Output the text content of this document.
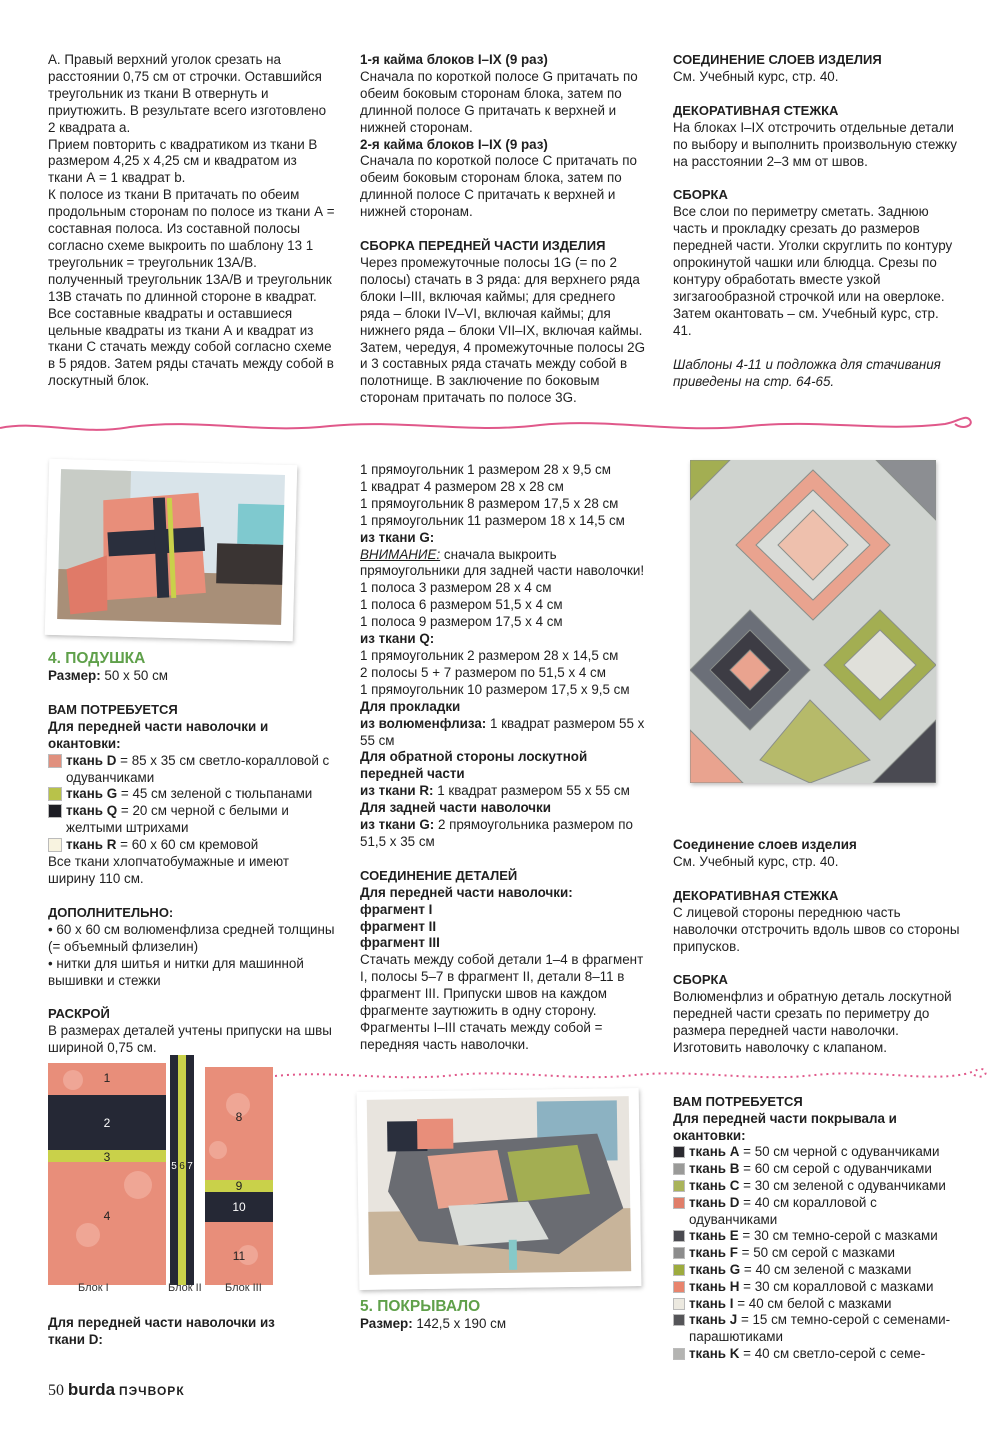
А. Правый верхний уголок срезать на расстоянии 0,75 см от строчки. Оставшийся треугольник из ткани В отвернуть и приутюжить. В результате всего изготовлено 2 квадрата а.

Прием повторить с квадратиком из ткани В размером 4,25 х 4,25 см и квадратом из ткани А = 1 квадрат b.

К полосе из ткани В притачать по обеим продольным сторонам по полосе из ткани А = составная полоса. Из составной полосы согласно схеме выкроить по шаблону 13 1 треугольник = треугольник 13А/В. полученный треугольник 13А/В и треугольник 13В стачать по длинной стороне в квадрат.

Все составные квадраты и оставшиеся цельные квадраты из ткани А и квадрат из ткани С стачать между собой согласно схеме в 5 рядов. Затем ряды стачать между собой в лоскутный блок.

1-я кайма блоков I–IX (9 раз)

Сначала по короткой полосе G притачать по обеим боковым сторонам блока, затем по длинной полосе G притачать к верхней и нижней сторонам.

2-я кайма блоков I–IX (9 раз)

Сначала по короткой полосе С притачать по обеим боковым сторонам блока, затем по длинной полосе С притачать к верхней и нижней сторонам.

СБОРКА ПЕРЕДНЕЙ ЧАСТИ ИЗДЕЛИЯ

Через промежуточные полосы 1G (= по 2 полосы) стачать в 3 ряда: для верхнего ряда блоки I–III, включая каймы; для среднего ряда – блоки IV–VI, включая каймы; для нижнего ряда – блоки VII–IX, включая каймы.

Затем, чередуя, 4 промежуточные полосы 2G и 3 составных ряда стачать между собой в полотнище. В заключение по боковым сторонам притачать по полосе 3G.

СОЕДИНЕНИЕ СЛОЕВ ИЗДЕЛИЯ

См. Учебный курс, стр. 40.

ДЕКОРАТИВНАЯ СТЕЖКА

На блоках I–IX отстрочить отдельные детали по выбору и выполнить произвольную стежку на расстоянии 2–3 мм от швов.

СБОРКА

Все слои по периметру сметать. Заднюю часть и прокладку срезать до размеров передней части. Уголки скруглить по контуру опрокинутой чашки или блюдца. Срезы по контуру обработать вместе узкой зигзагообразной строчкой или на оверлоке. Затем окантовать – см. Учебный курс, стр. 41.

Шаблоны 4-11 и подложка для стачивания приведены на стр. 64-65.

4. ПОДУШКА

Размер: 50 х 50 см

ВАМ ПОТРЕБУЕТСЯ

Для передней части наволочки и окантовки:

ткань D = 85 х 35 см светло-коралловой с одуванчиками
ткань G = 45 см зеленой с тюльпанами
ткань Q = 20 см черной с белыми и желтыми штрихами
ткань R = 60 х 60 см кремовой

Все ткани хлопчатобумажные и имеют ширину 110 см.

ДОПОЛНИТЕЛЬНО:

• 60 х 60 см волюменфлиза средней толщины (= объемный флизелин)

• нитки для шитья и нитки для машинной вышивки и стежки

РАСКРОЙ

В размерах деталей учтены припуски на швы шириной 0,75 см.

1
2
3
4
5 6 7
8
9
10
11
Блок I	Блок II Блок III

Для передней части наволочки из ткани D:

1 прямоугольник 1 размером 28 х 9,5 см

1 квадрат 4 размером 28 х 28 см

1 прямоугольник 8 размером 17,5 х 28 см

1 прямоугольник 11 размером 18 х 14,5 см

из ткани G:

ВНИМАНИЕ: сначала выкроить прямоугольники для задней части наволочки!

1 полоса 3 размером 28 х 4 см

1 полоса 6 размером 51,5 х 4 см

1 полоса 9 размером 17,5 х 4 см

из ткани Q:

1 прямоугольник 2 размером 28 х 14,5 см

2 полосы 5 + 7 размером по 51,5 х 4 см

1 прямоугольник 10 размером 17,5 х 9,5 см

Для прокладки

из волюменфлиза: 1 квадрат размером 55 х 55 см

Для обратной стороны лоскутной передней части

из ткани R: 1 квадрат размером 55 х 55 см

Для задней части наволочки

из ткани G: 2 прямоугольника размером по 51,5 х 35 см

СОЕДИНЕНИЕ ДЕТАЛЕЙ

Для передней части наволочки:

фрагмент I

фрагмент II

фрагмент III

Стачать между собой детали 1–4 в фрагмент I, полосы 5–7 в фрагмент II, детали 8–11 в фрагмент III. Припуски швов на каждом фрагменте заутюжить в одну сторону. Фрагменты I–III стачать между собой = передняя часть наволочки.

Соединение слоев изделия

См. Учебный курс, стр. 40.

ДЕКОРАТИВНАЯ СТЕЖКА

С лицевой стороны переднюю часть наволочки отстрочить вдоль швов со стороны припусков.

СБОРКА

Волюменфлиз и обратную деталь лоскутной передней части срезать по периметру до размера передней части наволочки. Изготовить наволочку с клапаном.

5. ПОКРЫВАЛО

Размер: 142,5 х 190 см

ВАМ ПОТРЕБУЕТСЯ

Для передней части покрывала и окантовки:

ткань A = 50 см черной с одуванчиками
ткань B = 60 см серой с одуванчиками
ткань C = 30 см зеленой с одуванчиками
ткань D = 40 см коралловой с одуванчиками
ткань E = 30 см темно-серой с мазками
ткань F = 50 см серой с мазками
ткань G = 40 см зеленой с мазками
ткань H = 30 см коралловой с мазками
ткань I = 40 см белой с мазками
ткань J = 15 см темно-серой с семенами-парашютиками
ткань K = 40 см светло-серой с семе-
50 burda ПЭЧВОРК
